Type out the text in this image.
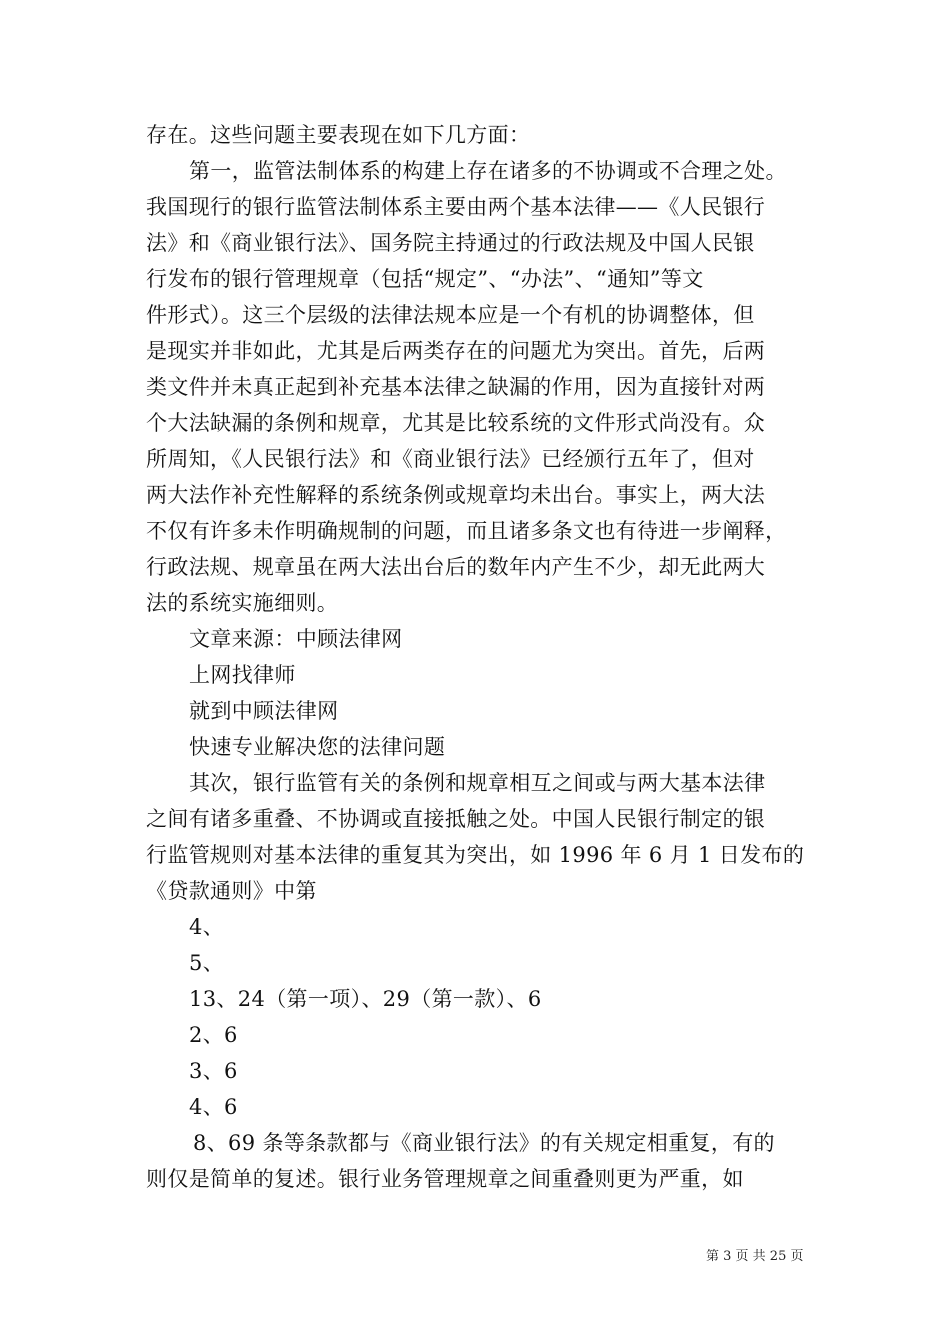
存在。这些问题主要表现在如下几方面：
第一，监管法制体系的构建上存在诸多的不协调或不合理之处。
我国现行的银行监管法制体系主要由两个基本法律——《人民银行
法》和《商业银行法》、国务院主持通过的行政法规及中国人民银
行发布的银行管理规章（包括“规定”、“办法”、“通知”等文
件形式）。这三个层级的法律法规本应是一个有机的协调整体，但
是现实并非如此，尤其是后两类存在的问题尤为突出。首先，后两
类文件并未真正起到补充基本法律之缺漏的作用，因为直接针对两
个大法缺漏的条例和规章，尤其是比较系统的文件形式尚没有。众
所周知，《人民银行法》和《商业银行法》已经颁行五年了，但对
两大法作补充性解释的系统条例或规章均未出台。事实上，两大法
不仅有许多未作明确规制的问题，而且诸多条文也有待进一步阐释，
行政法规、规章虽在两大法出台后的数年内产生不少，却无此两大
法的系统实施细则。
文章来源：中顾法律网
上网找律师
就到中顾法律网
快速专业解决您的法律问题
其次，银行监管有关的条例和规章相互之间或与两大基本法律
之间有诸多重叠、不协调或直接抵触之处。中国人民银行制定的银
行监管规则对基本法律的重复其为突出，如 1996 年 6 月 1 日发布的
《贷款通则》中第
4、
5、
13、24（第一项）、29（第一款）、6
2、6
3、6
4、6
8、69 条等条款都与《商业银行法》的有关规定相重复，有的
则仅是简单的复述。银行业务管理规章之间重叠则更为严重，如
第 3 页 共 25 页
